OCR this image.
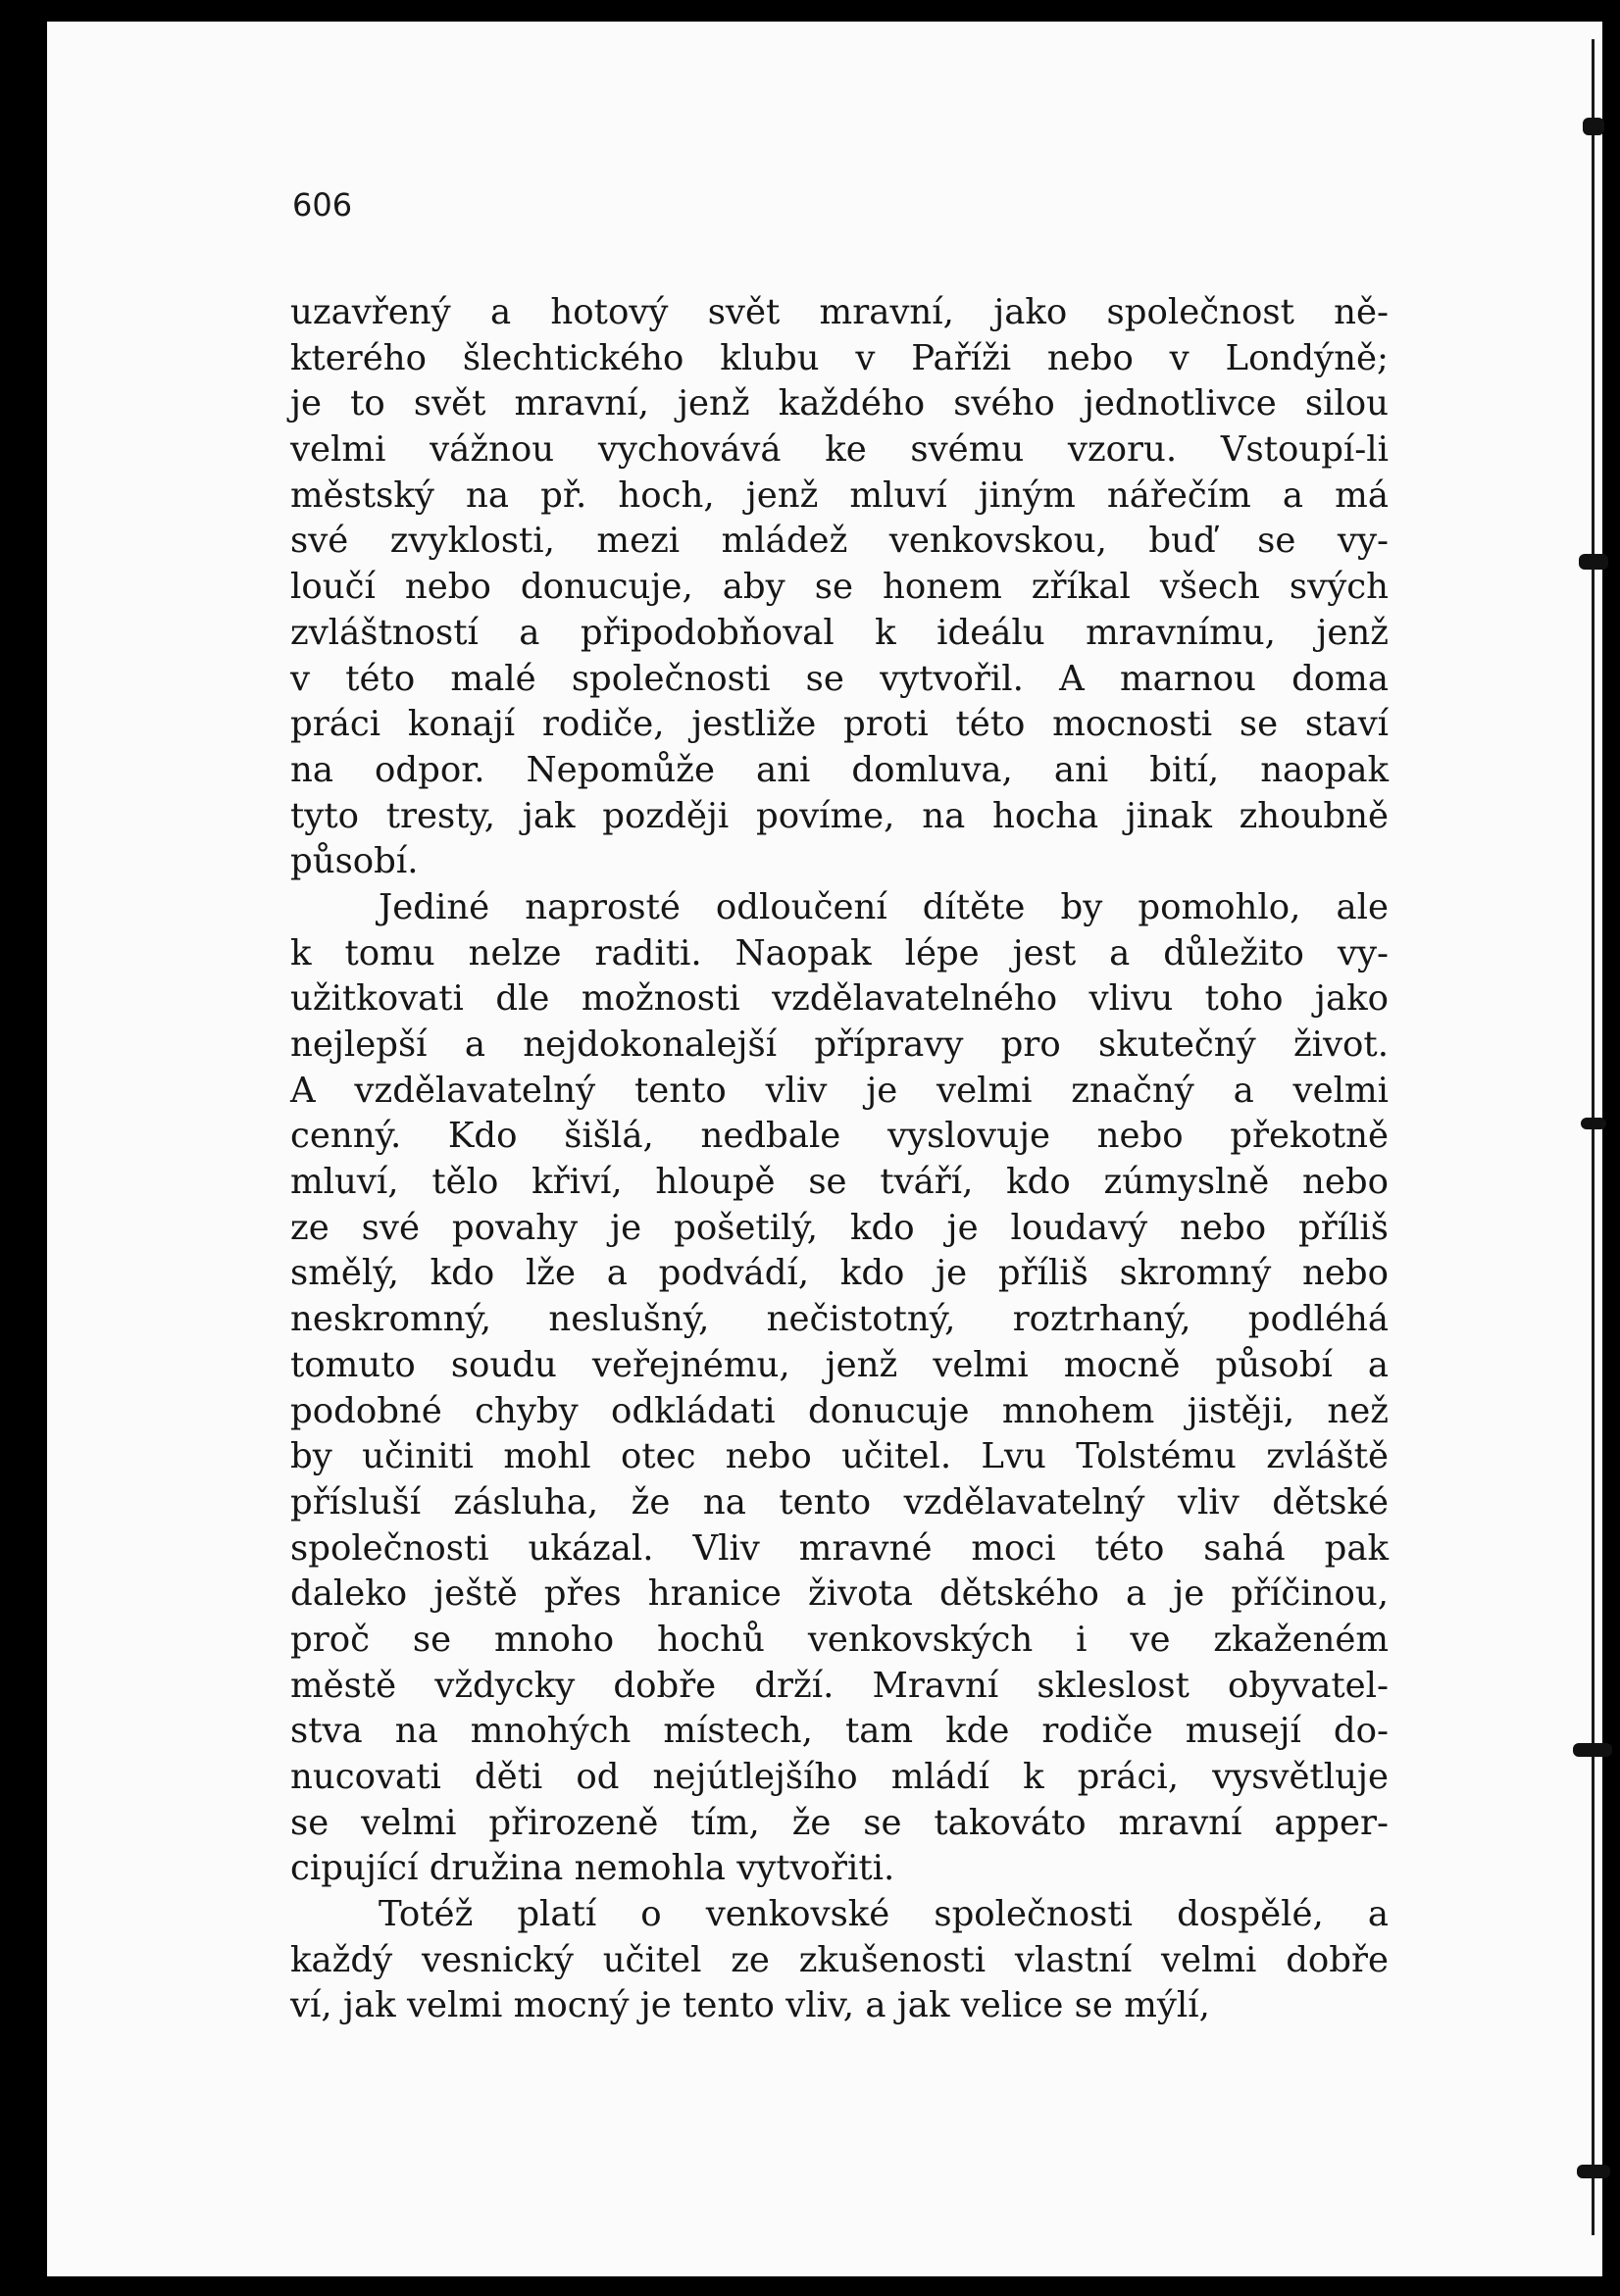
606

uzavřený a hotový svět mravní, jako společnost ně-
kterého šlechtického klubu v Paříži nebo v Londýně;
je to svět mravní, jenž každého svého jednotlivce silou
velmi vážnou vychovává ke svému vzoru. Vstoupí-li
městský na př. hoch, jenž mluví jiným nářečím a má
své zvyklosti, mezi mládež venkovskou, buď se vy-
loučí nebo donucuje, aby se honem zříkal všech svých
zvláštností a připodobňoval k ideálu mravnímu, jenž
v této malé společnosti se vytvořil. A marnou doma
práci konají rodiče, jestliže proti této mocnosti se staví
na odpor. Nepomůže ani domluva, ani bití, naopak
tyto tresty, jak později povíme, na hocha jinak zhoubně
působí.
Jediné naprosté odloučení dítěte by pomohlo, ale
k tomu nelze raditi. Naopak lépe jest a důležito vy-
užitkovati dle možnosti vzdělavatelného vlivu toho jako
nejlepší a nejdokonalejší přípravy pro skutečný život.
A vzdělavatelný tento vliv je velmi značný a velmi
cenný. Kdo šišlá, nedbale vyslovuje nebo překotně
mluví, tělo křiví, hloupě se tváří, kdo zúmyslně nebo
ze své povahy je pošetilý, kdo je loudavý nebo příliš
smělý, kdo lže a podvádí, kdo je příliš skromný nebo
neskromný, neslušný, nečistotný, roztrhaný, podléhá
tomuto soudu veřejnému, jenž velmi mocně působí a
podobné chyby odkládati donucuje mnohem jistěji, než
by učiniti mohl otec nebo učitel. Lvu Tolstému zvláště
přísluší zásluha, že na tento vzdělavatelný vliv dětské
společnosti ukázal. Vliv mravné moci této sahá pak
daleko ještě přes hranice života dětského a je příčinou,
proč se mnoho hochů venkovských i ve zkaženém
městě vždycky dobře drží. Mravní skleslost obyvatel-
stva na mnohých místech, tam kde rodiče musejí do-
nucovati děti od nejútlejšího mládí k práci, vysvětluje
se velmi přirozeně tím, že se takováto mravní apper-
cipující družina nemohla vytvořiti.
Totéž platí o venkovské společnosti dospělé, a
každý vesnický učitel ze zkušenosti vlastní velmi dobře
ví, jak velmi mocný je tento vliv, a jak velice se mýlí,
